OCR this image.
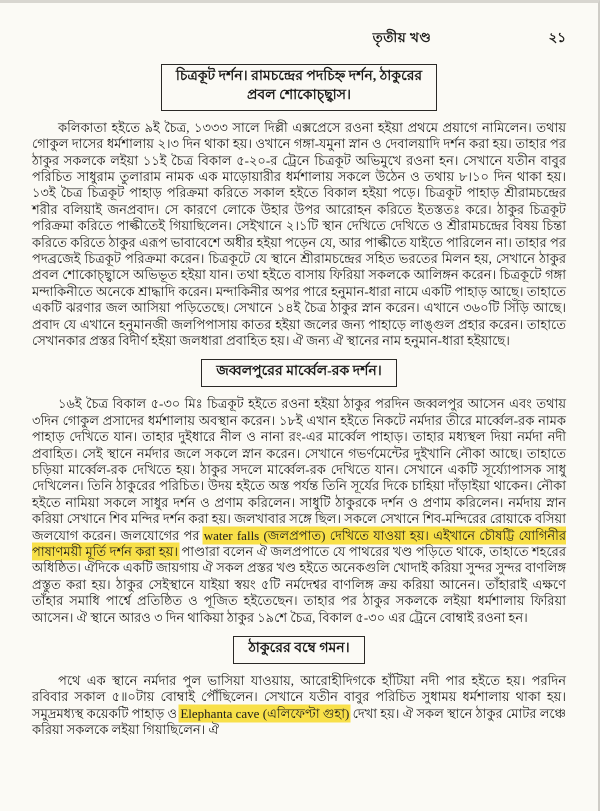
তৃতীয় খণ্ড	২১
চিত্রকূট দর্শন। রামচন্দ্রের পদচিহ্ন দর্শন, ঠাকুরের
প্রবল শোকোচ্ছ্বাস।

কলিকাতা হইতে ৯ই চৈত্র, ১৩৩৩ সালে দিল্লী এক্সপ্রেসে রওনা হইয়া প্রথমে প্রয়াগে নামিলেন। তথায় গোকুল দাসের ধর্মশালায় ২।৩ দিন থাকা হয়। ওখানে গঙ্গা-যমুনা স্নান ও দেবালয়াদি দর্শন করা হয়। তাহার পর ঠাকুর সকলকে লইয়া ১১ই চৈত্র বিকাল ৫-২০-র ট্রেনে চিত্রকূট অভিমুখে রওনা হন। সেখানে যতীন বাবুর পরিচিত সাধুরাম তুলারাম নামক এক মাড়োয়ারীর ধর্মশালায় সকলে উঠেন ও তথায় ৮।১০ দিন থাকা হয়। ১৩ই চৈত্র চিত্রকূট পাহাড় পরিক্রমা করিতে সকাল হইতে বিকাল হইয়া পড়ে। চিত্রকূট পাহাড় শ্রীরামচন্দ্রের শরীর বলিয়াই জনপ্রবাদ। সে কারণে লোকে উহার উপর আরোহন করিতে ইতস্ততঃ করে। ঠাকুর চিত্রকূট পরিক্রমা করিতে পাল্কীতেই গিয়াছিলেন। সেইখানে ২।১টি স্থান দেখিতে দেখিতে ও শ্রীরামচন্দ্রের বিষয় চিন্তা করিতে করিতে ঠাকুর এরূপ ভাবাবেশে অধীর হইয়া পড়েন যে, আর পাল্কীতে যাইতে পারিলেন না। তাহার পর পদব্রজেই চিত্রকূট পরিক্রমা করেন। চিত্রকূটে যে স্থানে শ্রীরামচন্দ্রের সহিত ভরতের মিলন হয়, সেখানে ঠাকুর প্রবল শোকোচ্ছ্বাসে অভিভূত হইয়া যান। তথা হইতে বাসায় ফিরিয়া সকলকে আলিঙ্গন করেন। চিত্রকূটে গঙ্গা মন্দাকিনীতে অনেকে শ্রাদ্ধাদি করেন। মন্দাকিনীর অপর পারে হনুমান-ধারা নামে একটি পাহাড় আছে। তাহাতে একটি ঝরণার জল আসিয়া পড়িতেছে। সেখানে ১৪ই চৈত্র ঠাকুর স্নান করেন। এখানে ৩৬০টি সিঁড়ি আছে। প্রবাদ যে এখানে হনুমানজী জলপিপাসায় কাতর হইয়া জলের জন্য পাহাড়ে লাঙ্গুল প্রহার করেন। তাহাতে সেখানকার প্রস্তর বিদীর্ণ হইয়া জলধারা প্রবাহিত হয়। ঐ জন্য ঐ স্থানের নাম হনুমান-ধারা হইয়াছে।

জব্বলপুরের মার্ব্বেল-রক দর্শন।

১৬ই চৈত্র বিকাল ৫-৩০ মিঃ চিত্রকূট হইতে রওনা হইয়া ঠাকুর পরদিন জব্বলপুর আসেন এবং তথায় ৩দিন গোকুল প্রসাদের ধর্মশালায় অবস্থান করেন। ১৮ই এখান হইতে নিকটে নর্মদার তীরে মার্ব্বেল-রক নামক পাহাড় দেখিতে যান। তাহার দুইধারে নীল ও নানা রং-এর মার্ব্বেল পাহাড়। তাহার মধ্যস্থল দিয়া নর্মদা নদী প্রবাহিত। সেই স্থানে নর্মদার জলে সকলে স্নান করেন। সেখানে গভর্ণমেন্টের দুইখানি নৌকা আছে। তাহাতে চড়িয়া মার্ব্বেল-রক দেখিতে হয়। ঠাকুর সদলে মার্ব্বেল-রক দেখিতে যান। সেখানে একটি সূর্য্যোপাসক সাধু দেখিলেন। তিনি ঠাকুরের পরিচিত। উদয় হইতে অস্ত পর্যন্ত তিনি সূর্যের দিকে চাহিয়া দাঁড়াইয়া থাকেন। নৌকা হইতে নামিয়া সকলে সাধুর দর্শন ও প্রণাম করিলেন। সাধুটি ঠাকুরকে দর্শন ও প্রণাম করিলেন। নর্মদায় স্নান করিয়া সেখানে শিব মন্দির দর্শন করা হয়। জলখাবার সঙ্গে ছিল। সকলে সেখানে শিব-মন্দিরের রোয়াকে বসিয়া জলযোগ করেন। জলযোগের পর water falls (জলপ্রপাত) দেখিতে যাওয়া হয়। এইখানে চৌষট্টি যোগিনীর পাষাণময়ী মূর্তি দর্শন করা হয়। পাণ্ডারা বলেন ঐ জলপ্রপাতে যে পাথরের খণ্ড পড়িতে থাকে, তাহাতে শহরের অধিষ্ঠিত। ঐদিকে একটি জায়গায় ঐ সকল প্রস্তর খণ্ড হইতে অনেকগুলি খোদাই করিয়া সুন্দর সুন্দর বাণলিঙ্গ প্রস্তুত করা হয়। ঠাকুর সেইস্থানে যাইয়া স্বয়ং ৫টি নর্মদেশ্বর বাণলিঙ্গ ক্রয় করিয়া আনেন। তাঁহারাই এক্ষণে তাঁহার সমাধি পার্শ্বে প্রতিষ্ঠিত ও পূজিত হইতেছেন। তাহার পর ঠাকুর সকলকে লইয়া ধর্মশালায় ফিরিয়া আসেন। ঐ স্থানে আরও ৩ দিন থাকিয়া ঠাকুর ১৯শে চৈত্র, বিকাল ৫-৩০ এর ট্রেনে বোম্বাই রওনা হন।

ঠাকুরের বম্বে গমন।

পথে এক স্থানে নর্মদার পুল ভাসিয়া যাওয়ায়, আরোহীদিগকে হাঁটিয়া নদী পার হইতে হয়। পরদিন রবিবার সকাল ৫॥০টায় বোম্বাই পৌঁছিলেন। সেখানে যতীন বাবুর পরিচিত সুধাময় ধর্মশালায় থাকা হয়। সমুদ্রমধ্যস্থ কয়েকটি পাহাড় ও Elephanta cave (এলিফেণ্টা গুহা) দেখা হয়। ঐ সকল স্থানে ঠাকুর মোটর লঞ্চে করিয়া সকলকে লইয়া গিয়াছিলেন। ঐ
